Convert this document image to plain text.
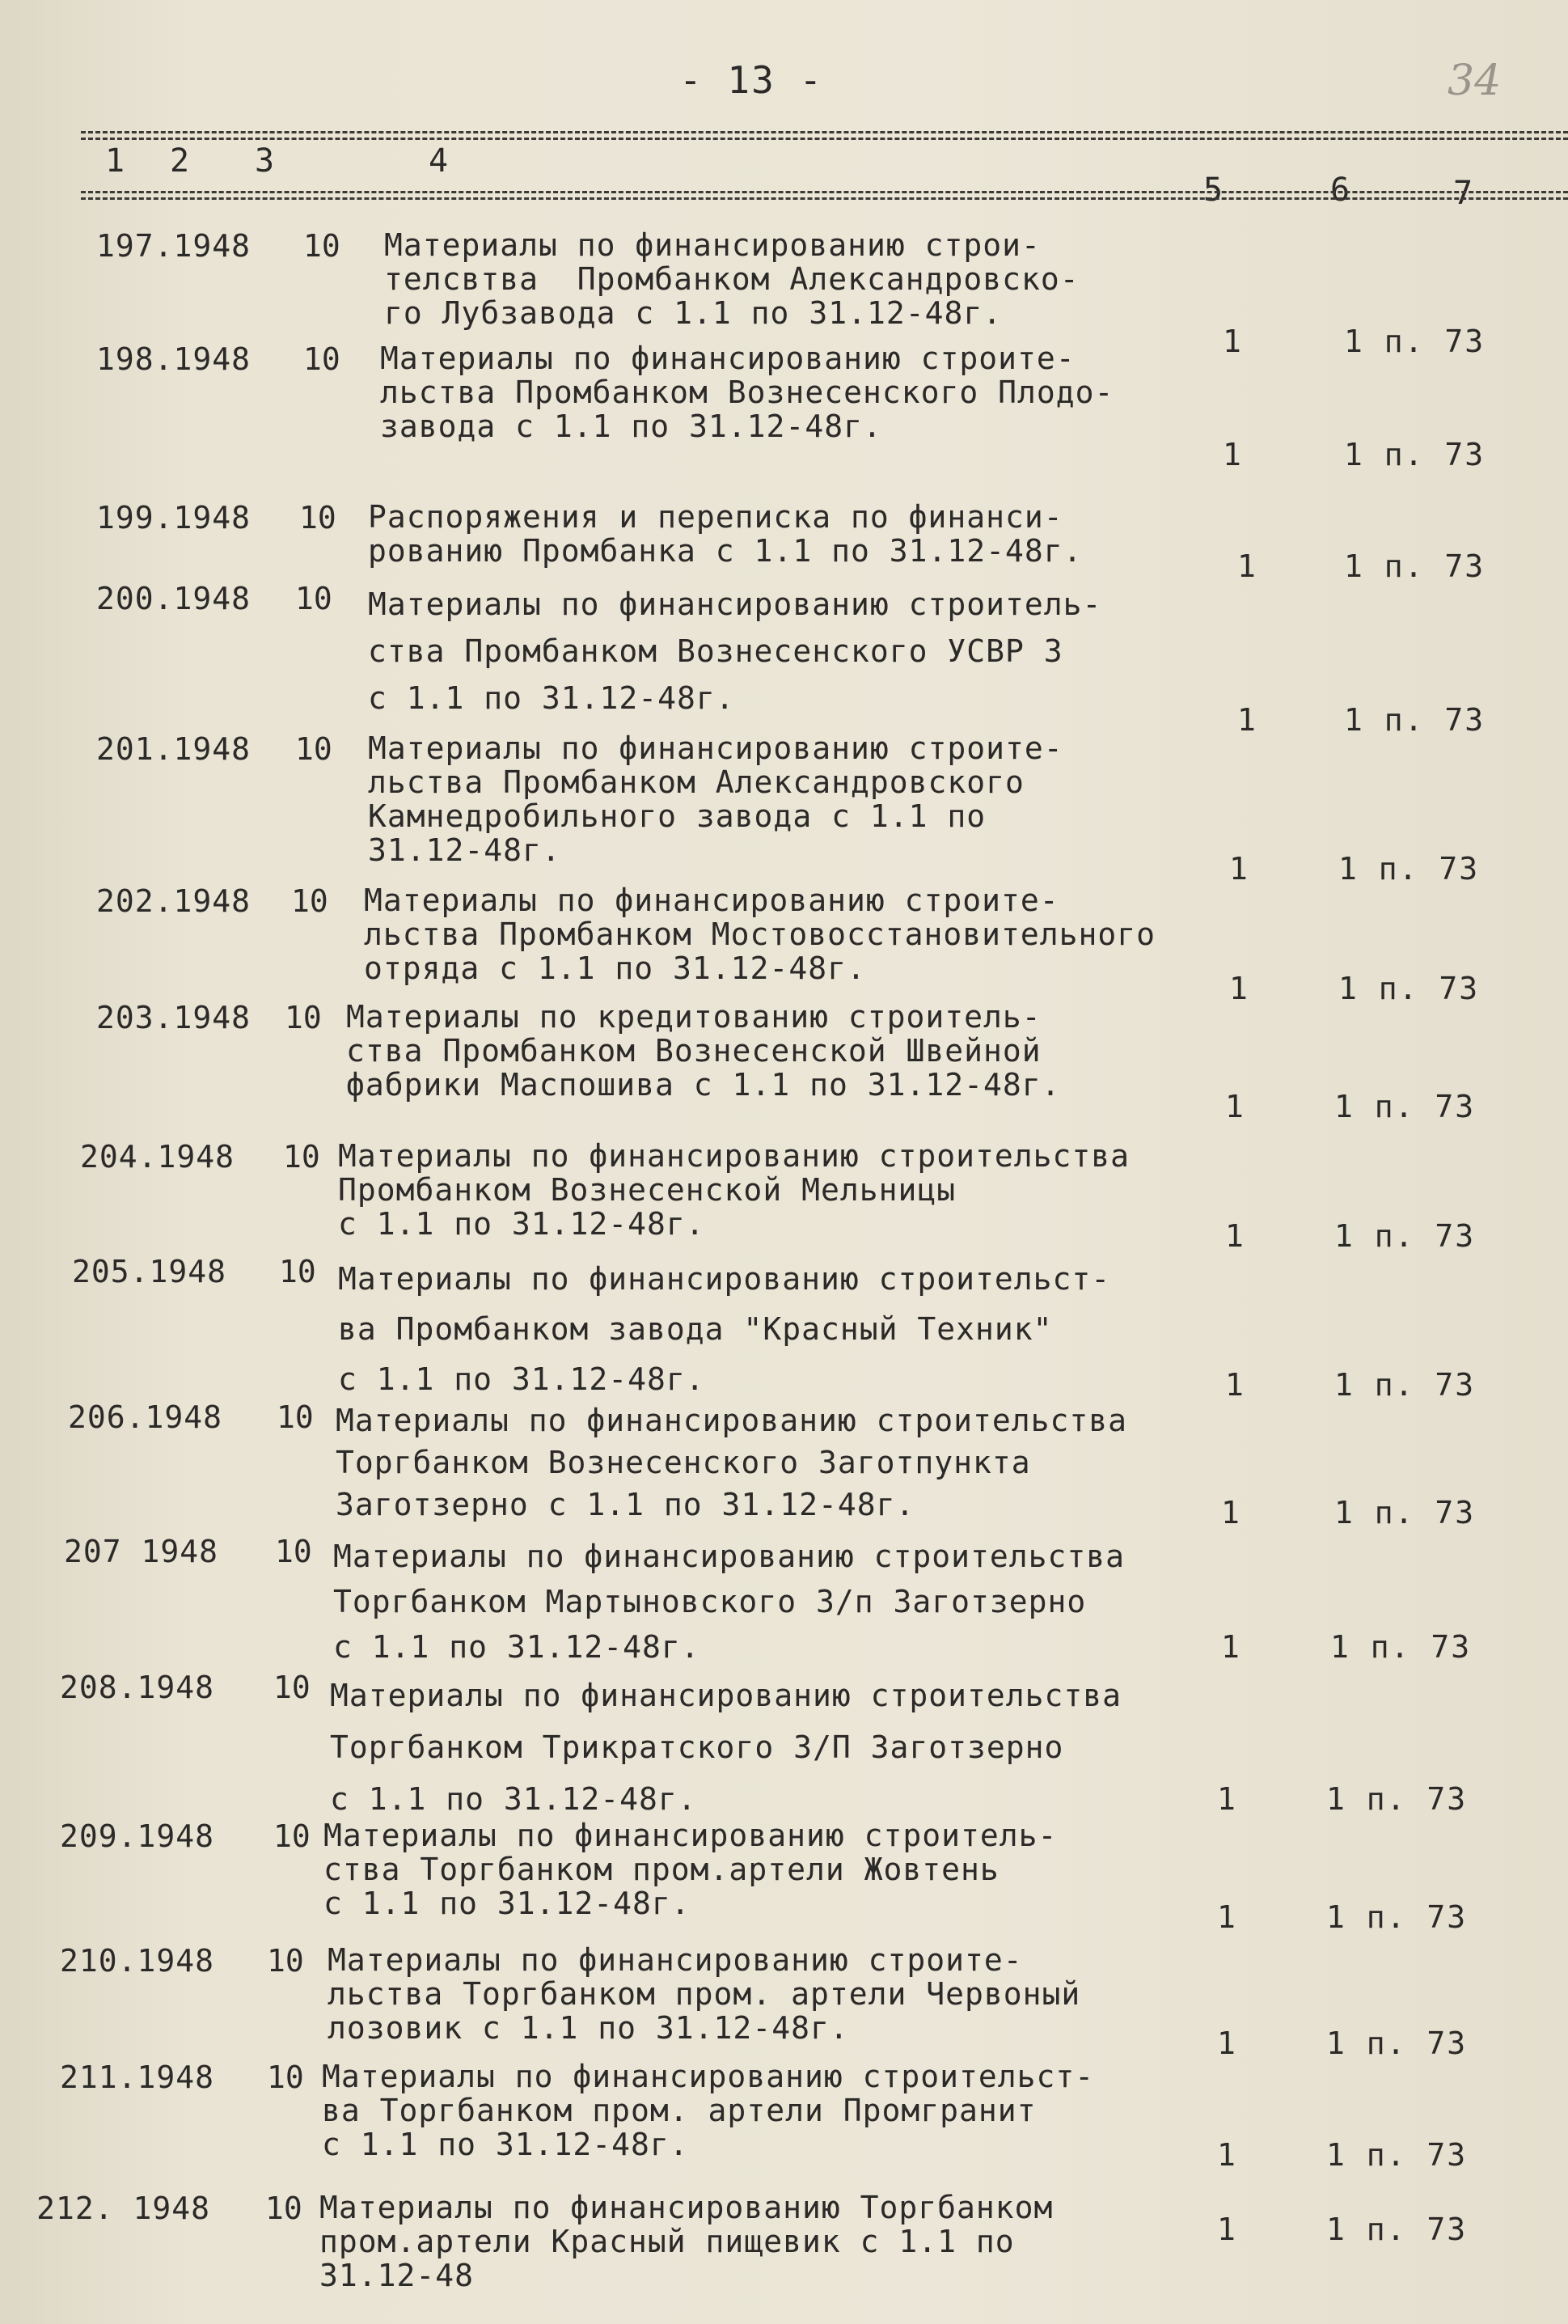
- 13 -	34
1 2 3	4
5	6	7
197.1948 10 Материалы по финансированию строи-
телсвтва  Промбанком Александровско-
го Лубзавода с 1.1 по 31.12-48г.
1	1 п. 73
198.1948 10 Материалы по финансированию строите-
льства Промбанком Вознесенского Плодо-
завода с 1.1 по 31.12-48г.
1	1 п. 73
199.1948 10 Распоряжения и переписка по финанси-
рованию Промбанка с 1.1 по 31.12-48г.	1	1 п. 73
200.1948 10 Материалы по финансированию строитель-
ства Промбанком Вознесенского УСВР 3
с 1.1 по 31.12-48г.
1	1 п. 73
201.1948 10 Материалы по финансированию строите-
льства Промбанком Александровского
Камнедробильного завода с 1.1 по
31.12-48г.
1	1 п. 73
202.1948 10 Материалы по финансированию строите-
льства Промбанком Мостовосстановительного
отряда с 1.1 по 31.12-48г.
1	1 п. 73
203.1948 10 Материалы по кредитованию строитель-
ства Промбанком Вознесенской Швейной
фабрики Маспошива с 1.1 по 31.12-48г.
1	1 п. 73
204.1948 10 Материалы по финансированию строительства
Промбанком Вознесенской Мельницы
с 1.1 по 31.12-48г.	1	1 п. 73
205.1948 10 Материалы по финансированию строительст-
ва Промбанком завода "Красный Техник"
с 1.1 по 31.12-48г.	1	1 п. 73
206.1948 10 Материалы по финансированию строительства
Торгбанком Вознесенского Заготпункта
Заготзерно с 1.1 по 31.12-48г.	1	1 п. 73
207 1948 10 Материалы по финансированию строительства
Торгбанком Мартыновского З/п Заготзерно
с 1.1 по 31.12-48г.	1	1 п. 73
208.1948 10 Материалы по финансированию строительства
Торгбанком Трикратского З/П Заготзерно
с 1.1 по 31.12-48г.	1	1 п. 73
209.1948 10 Материалы по финансированию строитель-
ства Торгбанком пром.артели Жовтень
с 1.1 по 31.12-48г.	1	1 п. 73
210.1948 10 Материалы по финансированию строите-
льства Торгбанком пром. артели Червоный лозовик с 1.1 по 31.12-48г.	1	1 п. 73
211.1948 10 Материалы по финансированию строительст-
ва Торгбанком пром. артели Промгранит
с 1.1 по 31.12-48г.	1	1 п. 73
212. 1948 10 Материалы по финансированию Торгбанком
пром.артели Красный пищевик с 1.1 по
31.12-48
1	1 п. 73
